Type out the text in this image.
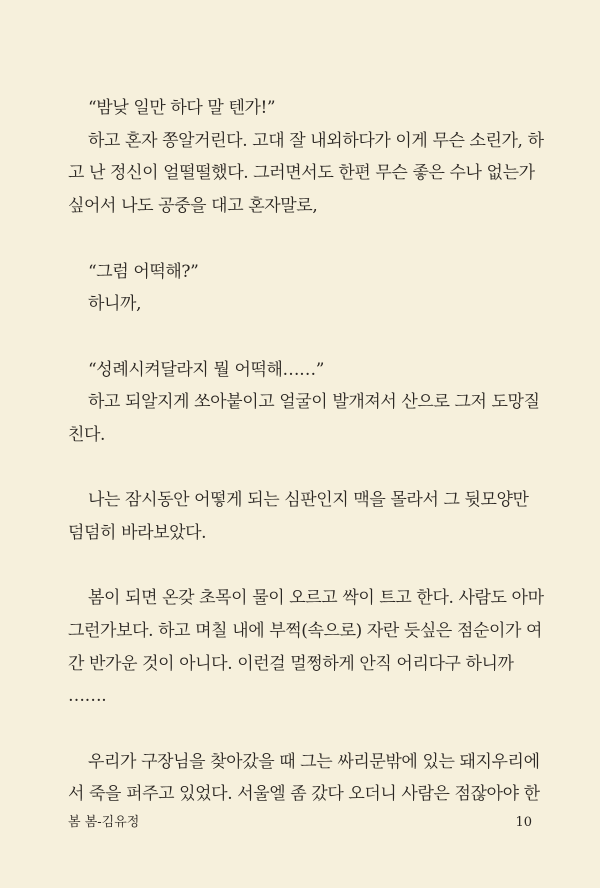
“밤낮 일만 하다 말 텐가!”
하고 혼자 쫑알거린다. 고대 잘 내외하다가 이게 무슨 소린가, 하
고 난 정신이 얼떨떨했다. 그러면서도 한편 무슨 좋은 수나 없는가
싶어서 나도 공중을 대고 혼자말로,
“그럼 어떡해?”
하니까,
“성례시켜달라지 뭘 어떡해……”
하고 되알지게 쏘아붙이고 얼굴이 발개져서 산으로 그저 도망질
친다.
나는 잠시동안 어떻게 되는 심판인지 맥을 몰라서 그 뒷모양만
덤덤히 바라보았다.
봄이 되면 온갖 초목이 물이 오르고 싹이 트고 한다. 사람도 아마
그런가보다. 하고 며칠 내에 부쩍(속으로) 자란 듯싶은 점순이가 여
간 반가운 것이 아니다. 이런걸 멀쩡하게 안직 어리다구 하니까
…….
우리가 구장님을 찾아갔을 때 그는 싸리문밖에 있는 돼지우리에
서 죽을 퍼주고 있었다. 서울엘 좀 갔다 오더니 사람은 점잖아야 한
봄 봄-김유정	10
